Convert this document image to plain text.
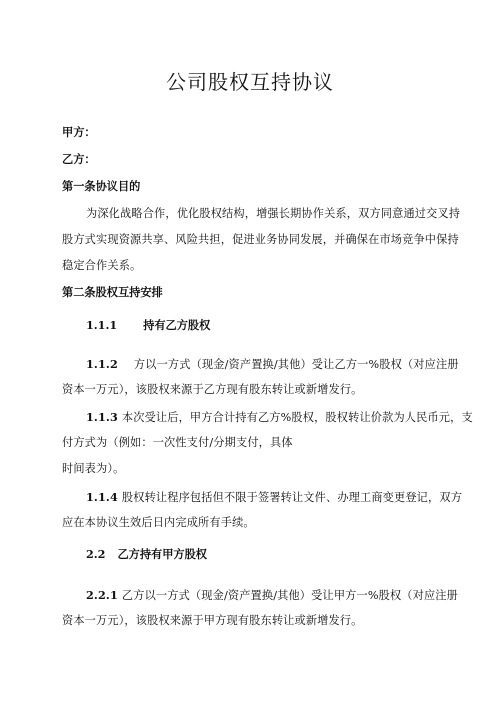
公司股权互持协议
甲方：
乙方：
第一条协议目的
为深化战略合作，优化股权结构，增强长期协作关系，双方同意通过交叉持
股方式实现资源共享、风险共担，促进业务协同发展，并确保在市场竞争中保持
稳定合作关系。
第二条股权互持安排
1.1.1 持有乙方股权
1.1.2 方以一方式（现金/资产置换/其他）受让乙方一%股权（对应注册
资本一万元），该股权来源于乙方现有股东转让或新增发行。
1.1.3 本次受让后，甲方合计持有乙方%股权，股权转让价款为人民币元，支
付方式为（例如：一次性支付/分期支付，具体
时间表为）。
1.1.4 股权转让程序包括但不限于签署转让文件、办理工商变更登记，双方
应在本协议生效后日内完成所有手续。
2.2 乙方持有甲方股权
2.2.1 乙方以一方式（现金/资产置换/其他）受让甲方一%股权（对应注册
资本一万元），该股权来源于甲方现有股东转让或新增发行。
